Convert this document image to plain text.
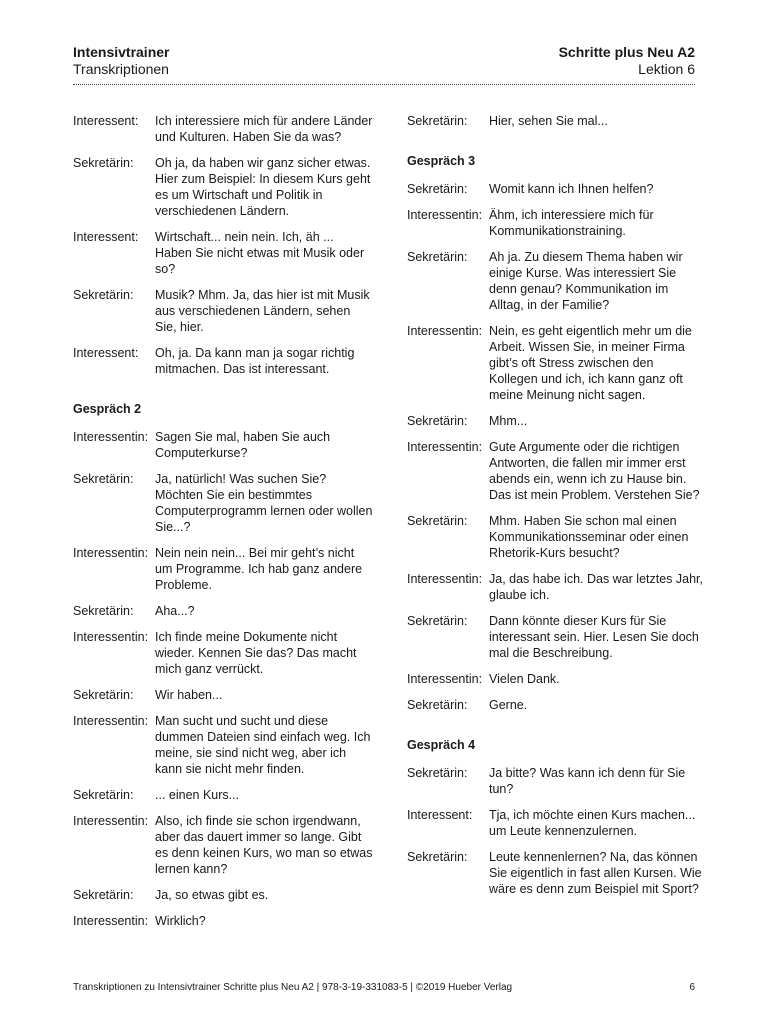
Intensivtrainer
Transkriptionen
Schritte plus Neu A2
Lektion 6
Interessent:	Ich interessiere mich für andere Länder und Kulturen. Haben Sie da was?
Sekretärin:	Oh ja, da haben wir ganz sicher etwas. Hier zum Beispiel: In diesem Kurs geht es um Wirtschaft und Politik in verschiedenen Ländern.
Interessent:	Wirtschaft... nein nein. Ich, äh ... Haben Sie nicht etwas mit Musik oder so?
Sekretärin:	Musik? Mhm. Ja, das hier ist mit Musik aus verschiedenen Ländern, sehen Sie, hier.
Interessent:	Oh, ja. Da kann man ja sogar richtig mitmachen. Das ist interessant.
Gespräch 2
Interessentin: Sagen Sie mal, haben Sie auch Computerkurse?
Sekretärin:	Ja, natürlich! Was suchen Sie? Möchten Sie ein bestimmtes Computerprogramm lernen oder wollen Sie...?
Interessentin: Nein nein nein... Bei mir geht’s nicht um Programme. Ich hab ganz andere Probleme.
Sekretärin:	Aha...?
Interessentin: Ich finde meine Dokumente nicht wieder. Kennen Sie das? Das macht mich ganz verrückt.
Sekretärin:	Wir haben...
Interessentin: Man sucht und sucht und diese dummen Dateien sind einfach weg. Ich meine, sie sind nicht weg, aber ich kann sie nicht mehr finden.
Sekretärin:	... einen Kurs...
Interessentin: Also, ich finde sie schon irgendwann, aber das dauert immer so lange. Gibt es denn keinen Kurs, wo man so etwas lernen kann?
Sekretärin:	Ja, so etwas gibt es.
Interessentin: Wirklich?
Sekretärin:	Hier, sehen Sie mal...
Gespräch 3
Sekretärin:	Womit kann ich Ihnen helfen?
Interessentin: Ähm, ich interessiere mich für Kommunikationstraining.
Sekretärin:	Ah ja. Zu diesem Thema haben wir einige Kurse. Was interessiert Sie denn genau? Kommunikation im Alltag, in der Familie?
Interessentin: Nein, es geht eigentlich mehr um die Arbeit. Wissen Sie, in meiner Firma gibt’s oft Stress zwischen den Kollegen und ich, ich kann ganz oft meine Meinung nicht sagen.
Sekretärin:	Mhm...
Interessentin: Gute Argumente oder die richtigen Antworten, die fallen mir immer erst abends ein, wenn ich zu Hause bin. Das ist mein Problem. Verstehen Sie?
Sekretärin:	Mhm. Haben Sie schon mal einen Kommunikationsseminar oder einen Rhetorik-Kurs besucht?
Interessentin: Ja, das habe ich. Das war letztes Jahr, glaube ich.
Sekretärin:	Dann könnte dieser Kurs für Sie interessant sein. Hier. Lesen Sie doch mal die Beschreibung.
Interessentin: Vielen Dank.
Sekretärin:	Gerne.
Gespräch 4
Sekretärin:	Ja bitte? Was kann ich denn für Sie tun?
Interessent:	Tja, ich möchte einen Kurs machen... um Leute kennenzulernen.
Sekretärin:	Leute kennenlernen? Na, das können Sie eigentlich in fast allen Kursen. Wie wäre es denn zum Beispiel mit Sport?
Transkriptionen zu Intensivtrainer Schritte plus Neu A2 | 978-3-19-331083-5 | ©2019 Hueber Verlag	6
